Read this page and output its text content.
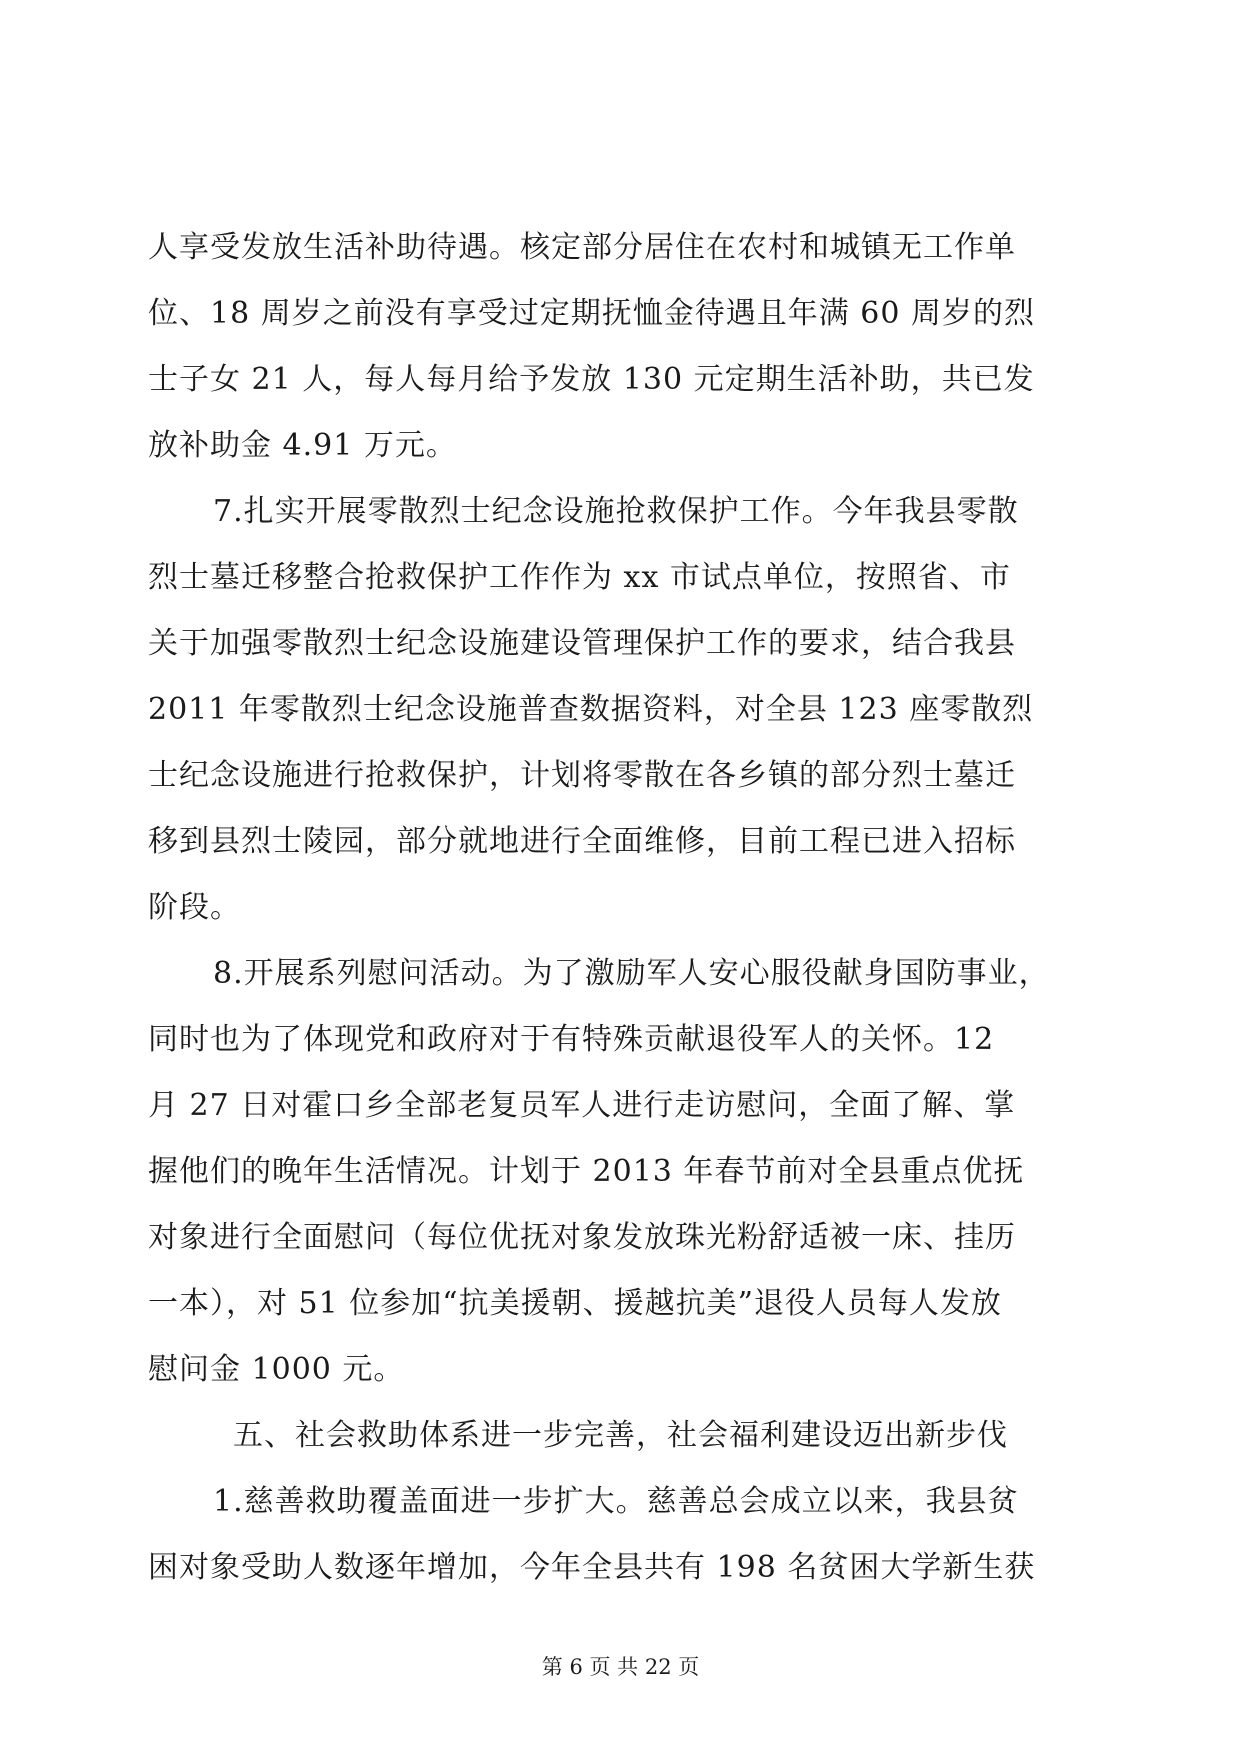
人享受发放生活补助待遇。核定部分居住在农村和城镇无工作单
位、18 周岁之前没有享受过定期抚恤金待遇且年满 60 周岁的烈
士子女 21 人，每人每月给予发放 130 元定期生活补助，共已发
放补助金 4.91 万元。
7.扎实开展零散烈士纪念设施抢救保护工作。今年我县零散
烈士墓迁移整合抢救保护工作作为 xx 市试点单位，按照省、市
关于加强零散烈士纪念设施建设管理保护工作的要求，结合我县
2011 年零散烈士纪念设施普查数据资料，对全县 123 座零散烈
士纪念设施进行抢救保护，计划将零散在各乡镇的部分烈士墓迁
移到县烈士陵园，部分就地进行全面维修，目前工程已进入招标
阶段。
8.开展系列慰问活动。为了激励军人安心服役献身国防事业，
同时也为了体现党和政府对于有特殊贡献退役军人的关怀。12
月 27 日对霍口乡全部老复员军人进行走访慰问，全面了解、掌
握他们的晚年生活情况。计划于 2013 年春节前对全县重点优抚
对象进行全面慰问（每位优抚对象发放珠光粉舒适被一床、挂历
一本），对 51 位参加“抗美援朝、援越抗美”退役人员每人发放
慰问金 1000 元。
五、社会救助体系进一步完善，社会福利建设迈出新步伐
1.慈善救助覆盖面进一步扩大。慈善总会成立以来，我县贫
困对象受助人数逐年增加，今年全县共有 198 名贫困大学新生获
第 6 页 共 22 页
